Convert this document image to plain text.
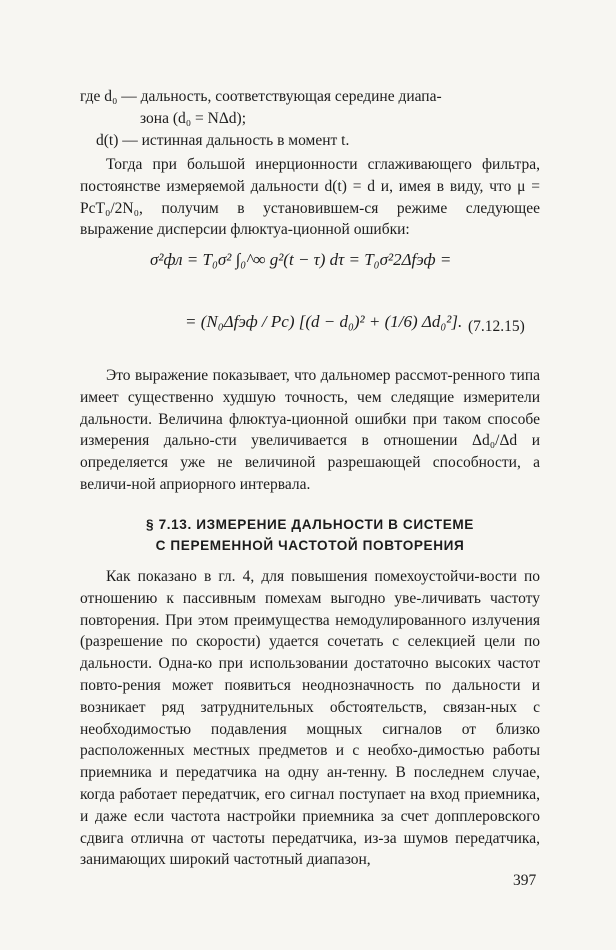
где d₀ — дальность, соответствующая середине диапа-
зона (d₀ = NΔd);

d(t) — истинная дальность в момент t.

Тогда при большой инерционности сглаживающего фильтра, постоянстве измеряемой дальности d(t) = d и, имея в виду, что μ = PcT₀/2N₀, получим в установившем-ся режиме следующее выражение дисперсии флюктуа-ционной ошибки:

σ²фл = T₀σ² ∫₀^∞ g²(t − τ) dτ = T₀σ²2Δfэф =
= (N₀Δfэф / Pc) [(d − d₀)² + (1/6) Δd₀²]. (7.12.15)

Это выражение показывает, что дальномер рассмот-ренного типа имеет существенно худшую точность, чем следящие измерители дальности. Величина флюктуа-ционной ошибки при таком способе измерения дально-сти увеличивается в отношении Δd₀/Δd и определяется уже не величиной разрешающей способности, а величи-ной априорного интервала.

§ 7.13. ИЗМЕРЕНИЕ ДАЛЬНОСТИ В СИСТЕМЕ
С ПЕРЕМЕННОЙ ЧАСТОТОЙ ПОВТОРЕНИЯ

Как показано в гл. 4, для повышения помехоустойчи-вости по отношению к пассивным помехам выгодно уве-личивать частоту повторения. При этом преимущества немодулированного излучения (разрешение по скорости) удается сочетать с селекцией цели по дальности. Одна-ко при использовании достаточно высоких частот повто-рения может появиться неоднозначность по дальности и возникает ряд затруднительных обстоятельств, связан-ных с необходимостью подавления мощных сигналов от близко расположенных местных предметов и с необхо-димостью работы приемника и передатчика на одну ан-тенну. В последнем случае, когда работает передатчик, его сигнал поступает на вход приемника, и даже если частота настройки приемника за счет допплеровского сдвига отлична от частоты передатчика, из-за шумов передатчика, занимающих широкий частотный диапазон,

397
